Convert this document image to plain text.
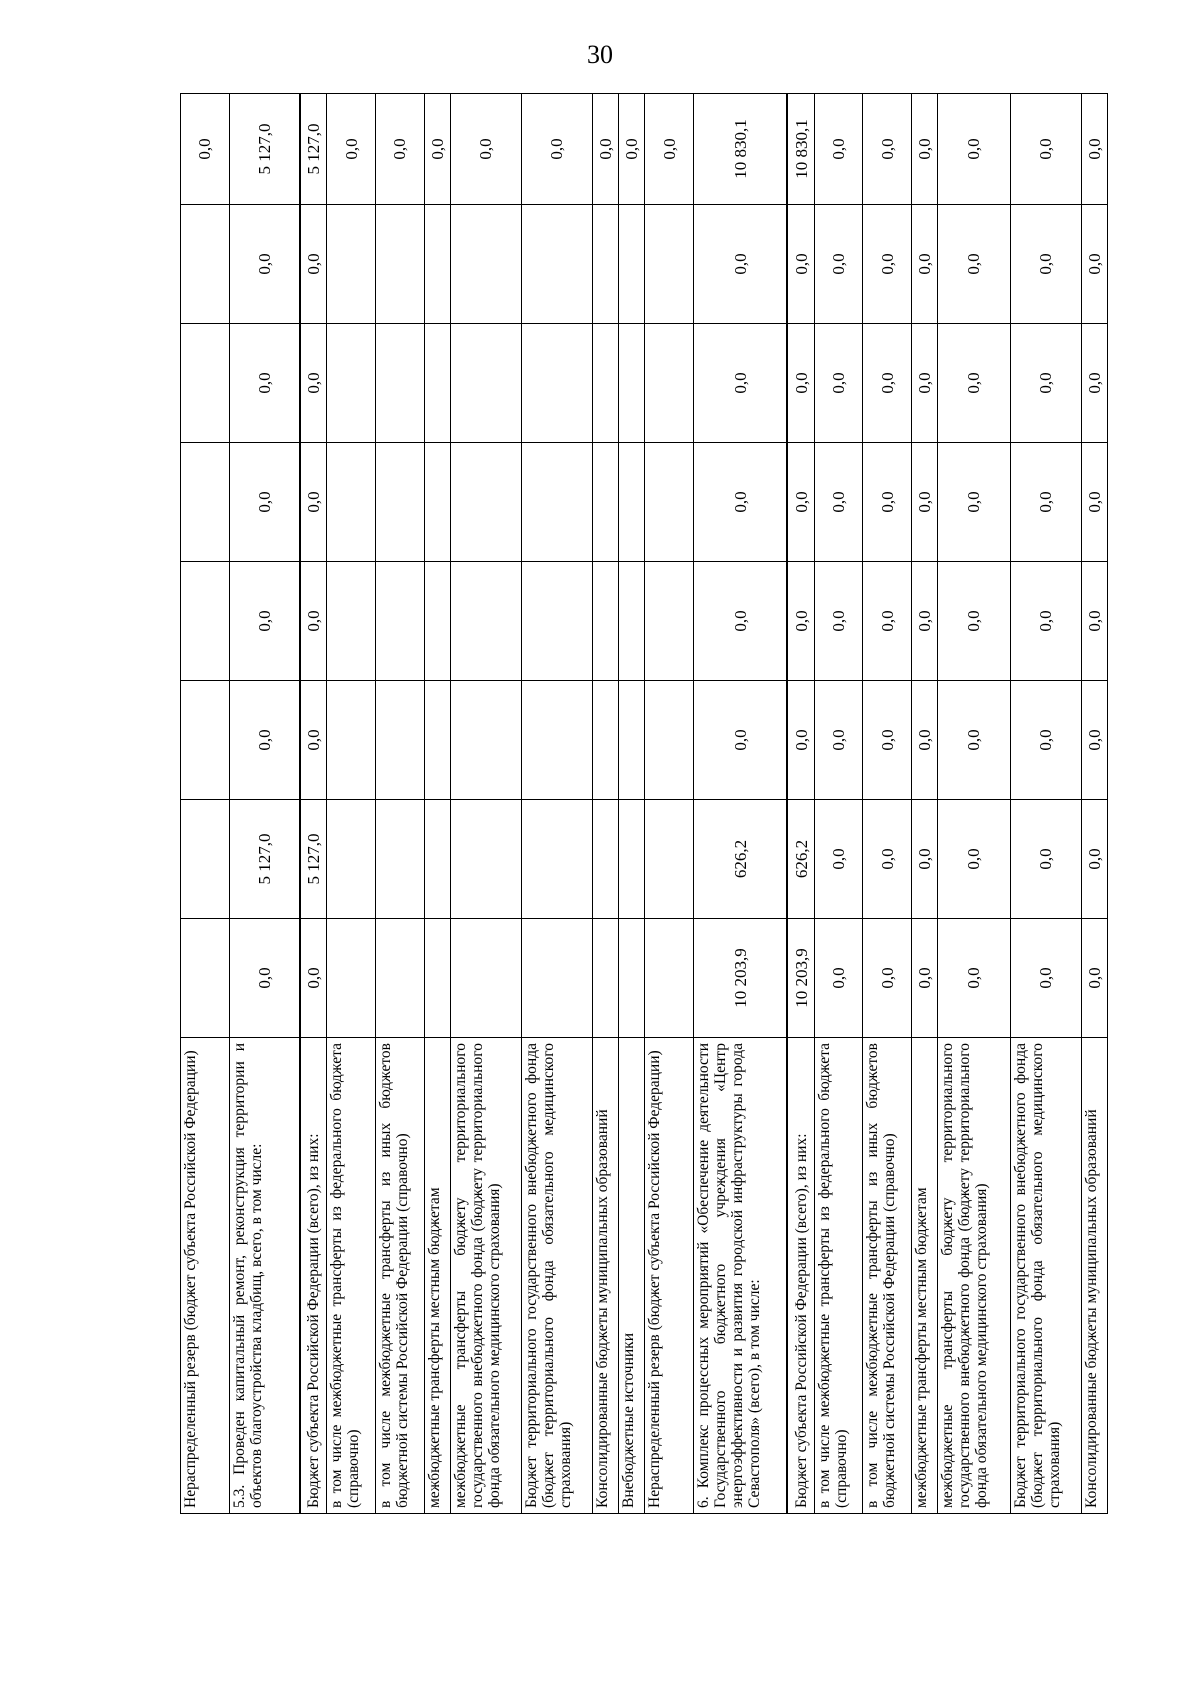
30
Нераспределенный резерв (бюджет субъекта Российской Федерации)								0,0
5.3. Проведен капитальный ремонт, реконструкция территории и объектов благоустройства кладбищ, всего, в том числе:	0,0	5 127,0	0,0	0,0	0,0	0,0	0,0	5 127,0
Бюджет субъекта Российской Федерации (всего), из них:	0,0	5 127,0	0,0	0,0	0,0	0,0	0,0	5 127,0
в том числе межбюджетные трансферты из федерального бюджета (справочно)								0,0
в том числе межбюджетные трансферты из иных бюджетов бюджетной системы Российской Федерации (справочно)								0,0
межбюджетные трансферты местным бюджетам								0,0
межбюджетные трансферты бюджету территориального государственного внебюджетного фонда (бюджету территориального фонда обязательного медицинского страхования)								0,0
Бюджет территориального государственного внебюджетного фонда (бюджет территориального фонда обязательного медицинского страхования)								0,0
Консолидированные бюджеты муниципальных образований								0,0
Внебюджетные источники								0,0
Нераспределенный резерв (бюджет субъекта Российской Федерации)								0,0
6. Комплекс процессных мероприятий «Обеспечение деятельности Государственного бюджетного учреждения «Центр энергоэффективности и развития городской инфраструктуры города Севастополя» (всего), в том числе:	10 203,9	626,2	0,0	0,0	0,0	0,0	0,0	10 830,1
Бюджет субъекта Российской Федерации (всего), из них:	10 203,9	626,2	0,0	0,0	0,0	0,0	0,0	10 830,1
в том числе межбюджетные трансферты из федерального бюджета (справочно)	0,0	0,0	0,0	0,0	0,0	0,0	0,0	0,0
в том числе межбюджетные трансферты из иных бюджетов бюджетной системы Российской Федерации (справочно)	0,0	0,0	0,0	0,0	0,0	0,0	0,0	0,0
межбюджетные трансферты местным бюджетам	0,0	0,0	0,0	0,0	0,0	0,0	0,0	0,0
межбюджетные трансферты бюджету территориального государственного внебюджетного фонда (бюджету территориального фонда обязательного медицинского страхования)	0,0	0,0	0,0	0,0	0,0	0,0	0,0	0,0
Бюджет территориального государственного внебюджетного фонда (бюджет территориального фонда обязательного медицинского страхования)	0,0	0,0	0,0	0,0	0,0	0,0	0,0	0,0
Консолидированные бюджеты муниципальных образований	0,0	0,0	0,0	0,0	0,0	0,0	0,0	0,0
